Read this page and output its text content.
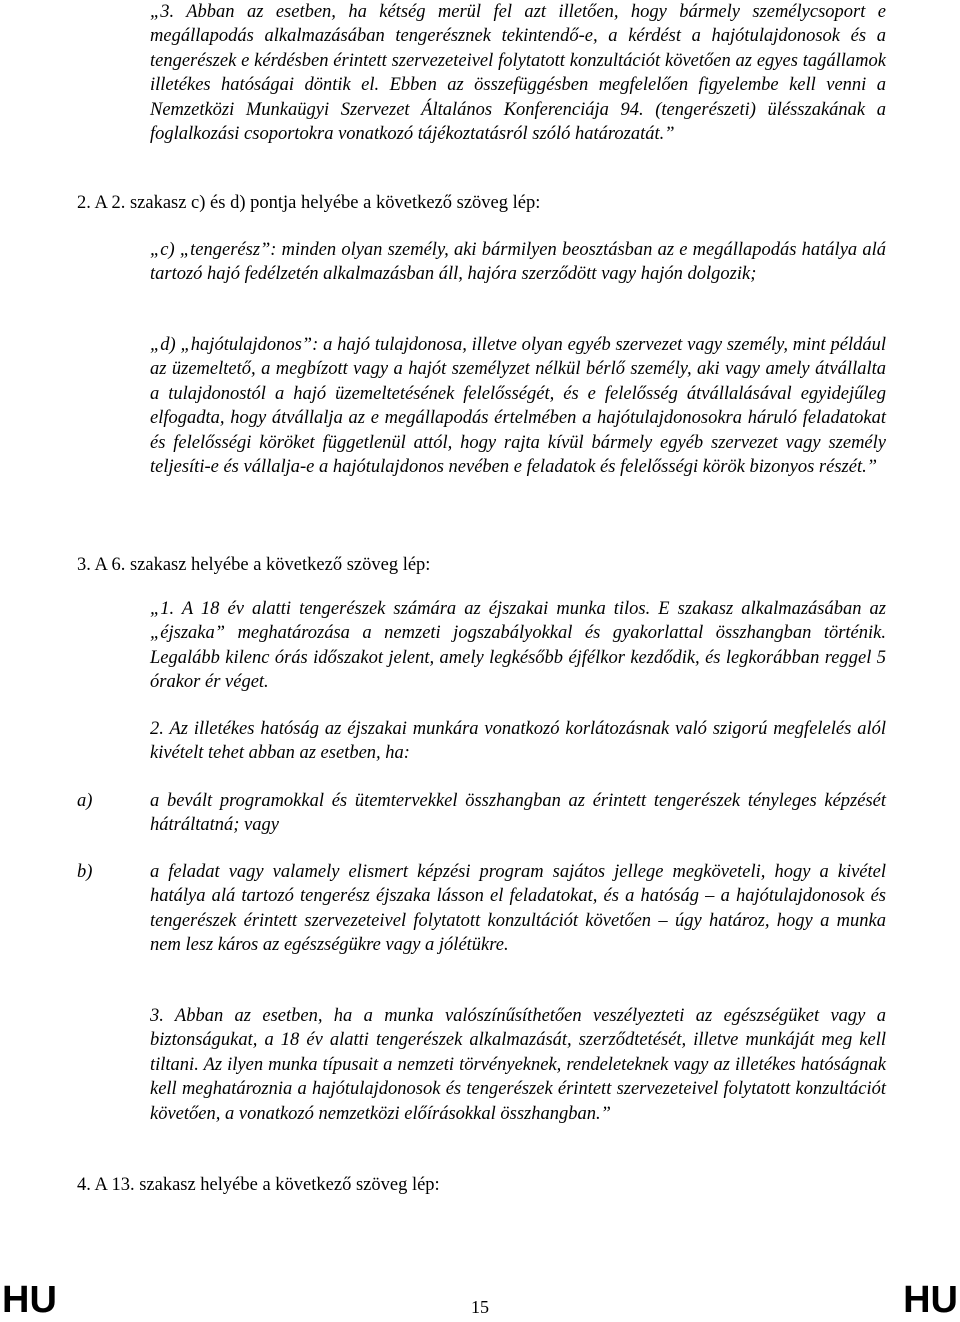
„3. Abban az esetben, ha kétség merül fel azt illetően, hogy bármely személycsoport e megállapodás alkalmazásában tengerésznek tekintendő-e, a kérdést a hajótulajdonosok és a tengerészek e kérdésben érintett szervezeteivel folytatott konzultációt követően az egyes tagállamok illetékes hatóságai döntik el. Ebben az összefüggésben megfelelően figyelembe kell venni a Nemzetközi Munkaügyi Szervezet Általános Konferenciája 94. (tengerészeti) ülésszakának a foglalkozási csoportokra vonatkozó tájékoztatásról szóló határozatát.”

2. A 2. szakasz c) és d) pontja helyébe a következő szöveg lép:

„c) „tengerész”: minden olyan személy, aki bármilyen beosztásban az e megállapodás hatálya alá tartozó hajó fedélzetén alkalmazásban áll, hajóra szerződött vagy hajón dolgozik;

„d) „hajótulajdonos”: a hajó tulajdonosa, illetve olyan egyéb szervezet vagy személy, mint például az üzemeltető, a megbízott vagy a hajót személyzet nélkül bérlő személy, aki vagy amely átvállalta a tulajdonostól a hajó üzemeltetésének felelősségét, és e felelősség átvállalásával egyidejűleg elfogadta, hogy átvállalja az e megállapodás értelmében a hajótulajdonosokra háruló feladatokat és felelősségi köröket függetlenül attól, hogy rajta kívül bármely egyéb szervezet vagy személy teljesíti-e és vállalja-e a hajótulajdonos nevében e feladatok és felelősségi körök bizonyos részét.”

3. A 6. szakasz helyébe a következő szöveg lép:

„1. A 18 év alatti tengerészek számára az éjszakai munka tilos. E szakasz alkalmazásában az „éjszaka” meghatározása a nemzeti jogszabályokkal és gyakorlattal összhangban történik. Legalább kilenc órás időszakot jelent, amely legkésőbb éjfélkor kezdődik, és legkorábban reggel 5 órakor ér véget.

2. Az illetékes hatóság az éjszakai munkára vonatkozó korlátozásnak való szigorú megfelelés alól kivételt tehet abban az esetben, ha:

a)	a bevált programokkal és ütemtervekkel összhangban az érintett tengerészek tényleges képzését hátráltatná; vagy

b)	a feladat vagy valamely elismert képzési program sajátos jellege megköveteli, hogy a kivétel hatálya alá tartozó tengerész éjszaka lásson el feladatokat, és a hatóság – a hajótulajdonosok és tengerészek érintett szervezeteivel folytatott konzultációt követően – úgy határoz, hogy a munka nem lesz káros az egészségükre vagy a jólétükre.

3. Abban az esetben, ha a munka valószínűsíthetően veszélyezteti az egészségüket vagy a biztonságukat, a 18 év alatti tengerészek alkalmazását, szerződtetését, illetve munkáját meg kell tiltani. Az ilyen munka típusait a nemzeti törvényeknek, rendeleteknek vagy az illetékes hatóságnak kell meghatároznia a hajótulajdonosok és tengerészek érintett szervezeteivel folytatott konzultációt követően, a vonatkozó nemzetközi előírásokkal összhangban.”

4. A 13. szakasz helyébe a következő szöveg lép:

HU	15	HU
